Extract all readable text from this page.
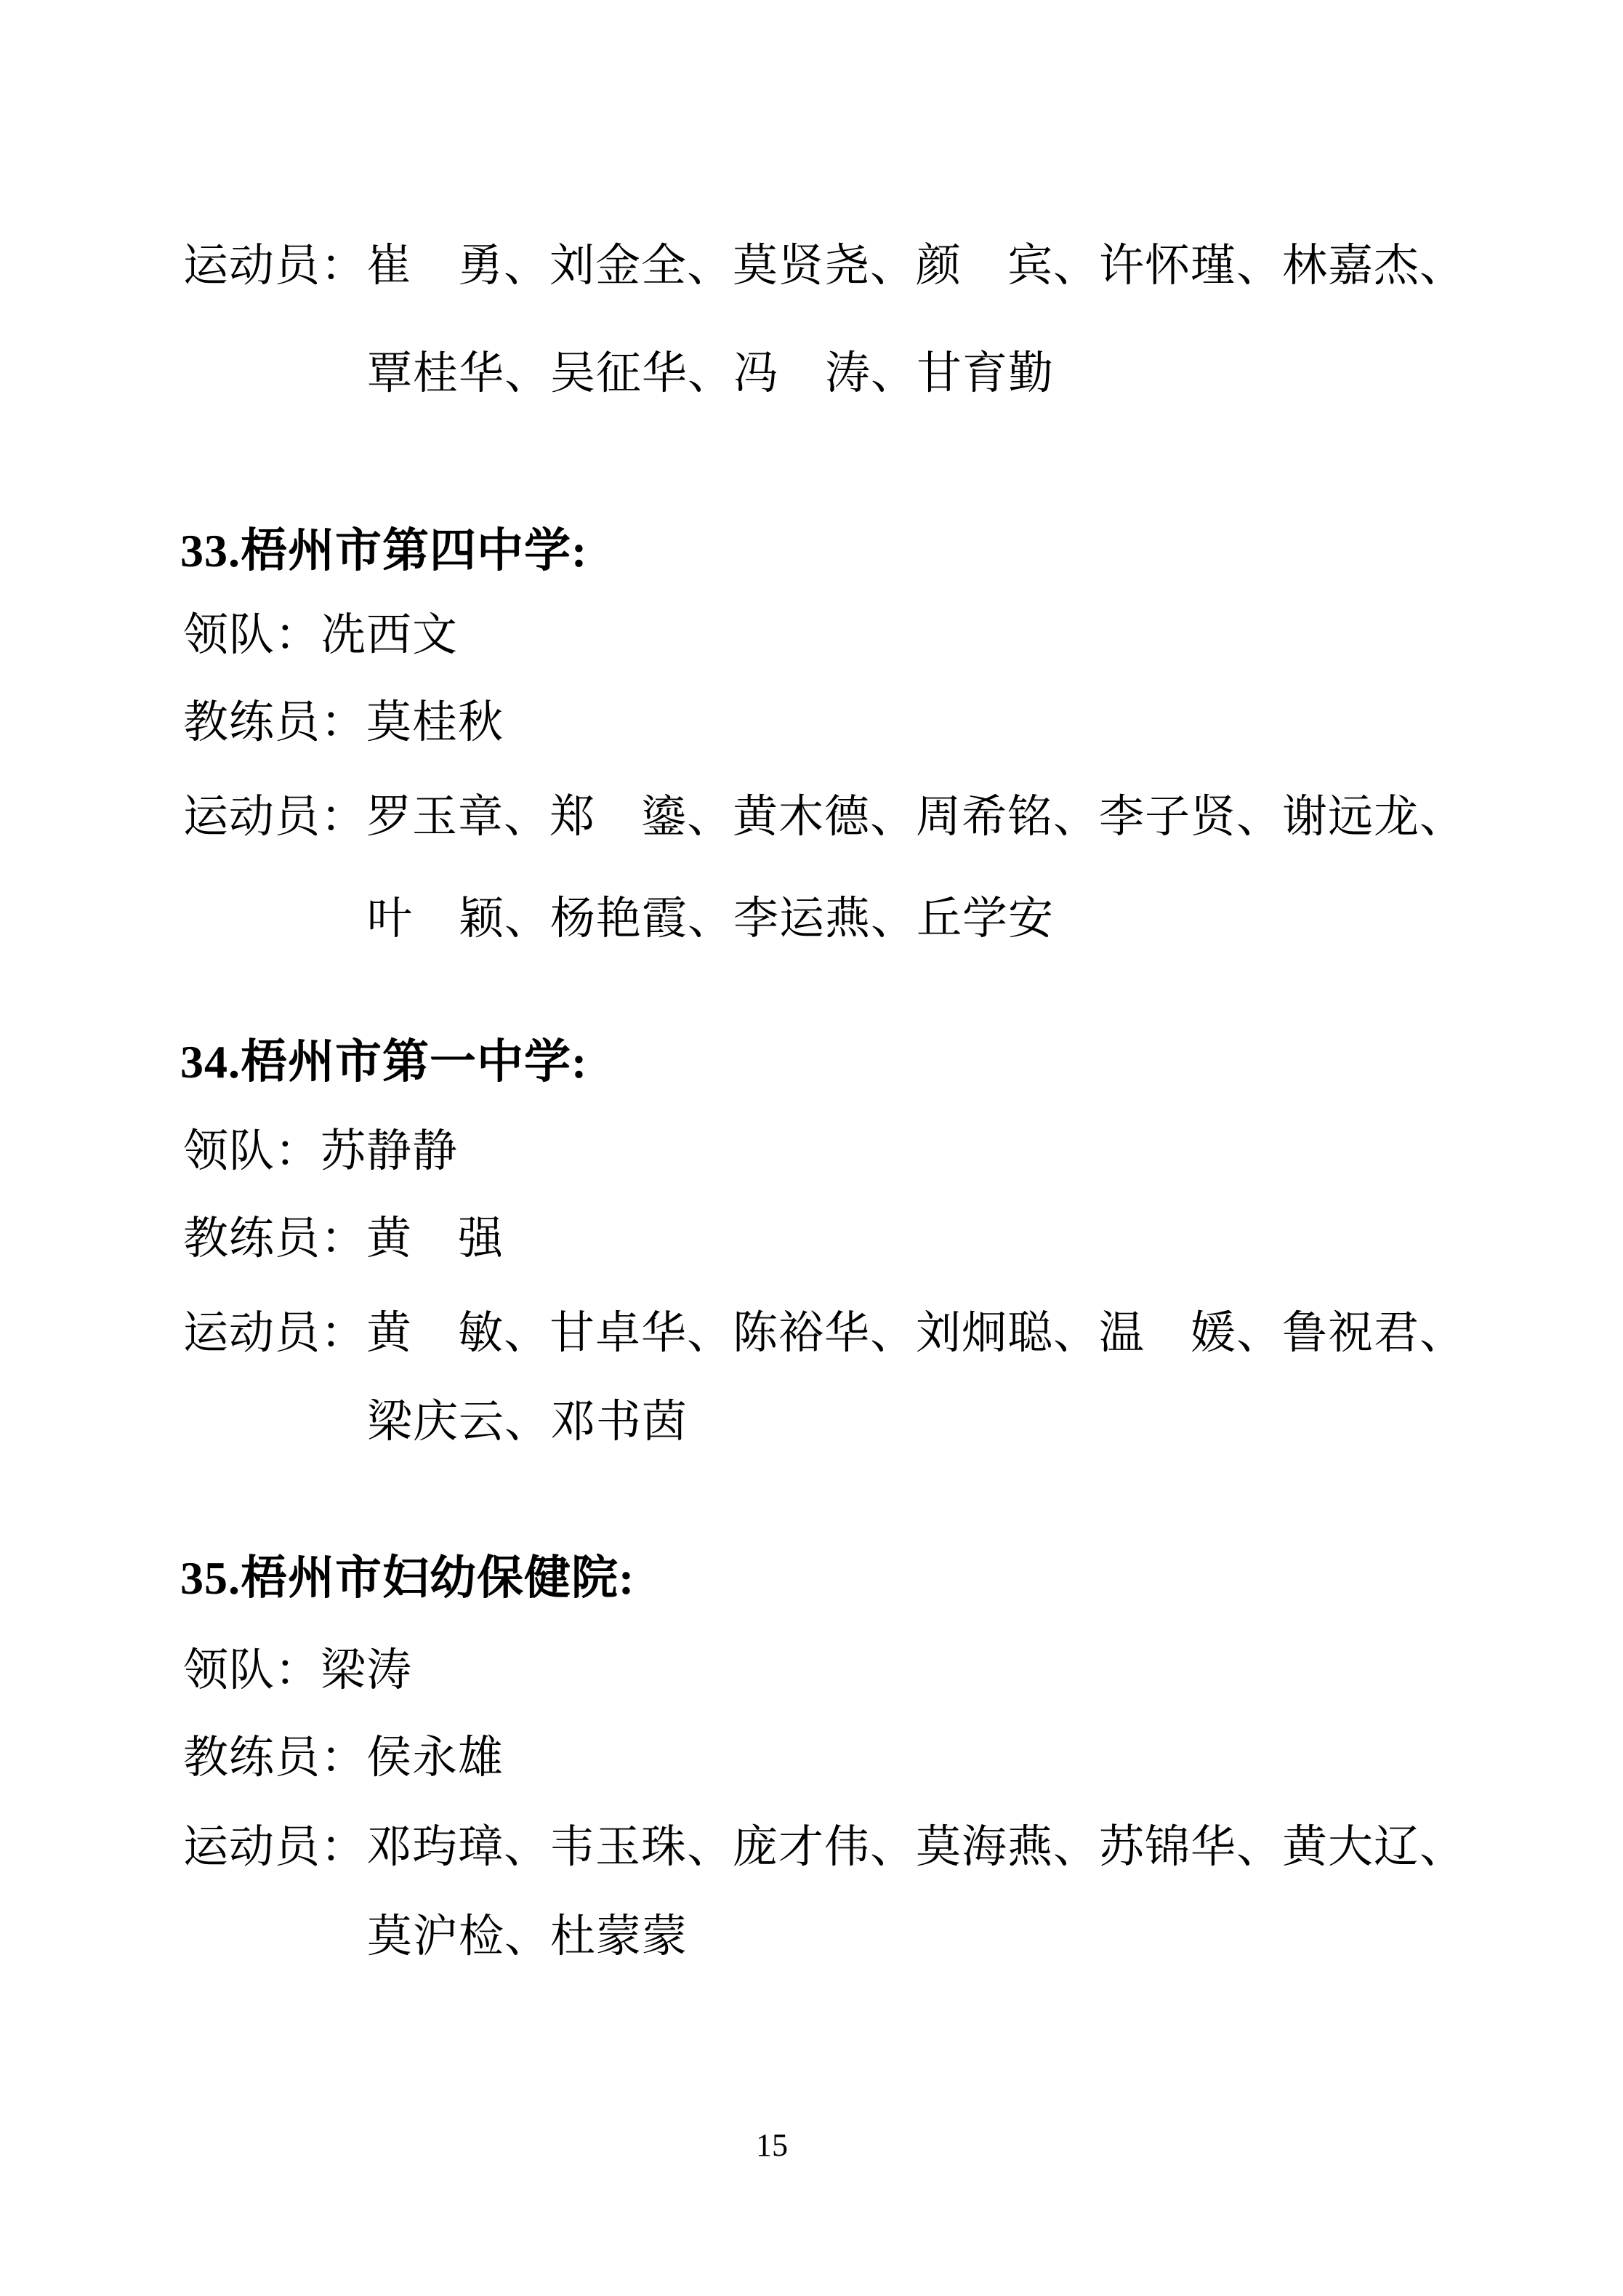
运动员：崔　勇、刘金全、莫贤尧、颜　宾、许怀瑾、林嘉杰、
覃桂华、吴征华、冯　涛、甘育勤
33.梧州市第四中学:
领队：冼西文
教练员：莫桂秋
运动员：罗玉章、郑　鎏、黄木德、周希铭、李子贤、谢远龙、
叶　颖、杨艳霞、李运燕、丘学安
34.梧州市第一中学:
领队：苏静静
教练员：黄　强
运动员：黄　敏、甘卓华、陈裕华、刘炯聪、温　媛、鲁祝君、
梁庆云、邓书茵
35.梧州市妇幼保健院:
领队：梁涛
教练员：侯永雄
运动员：邓玙璋、韦玉珠、庞才伟、莫海燕、苏锦华、黄大辽、
莫沪检、杜蒙蒙
15
